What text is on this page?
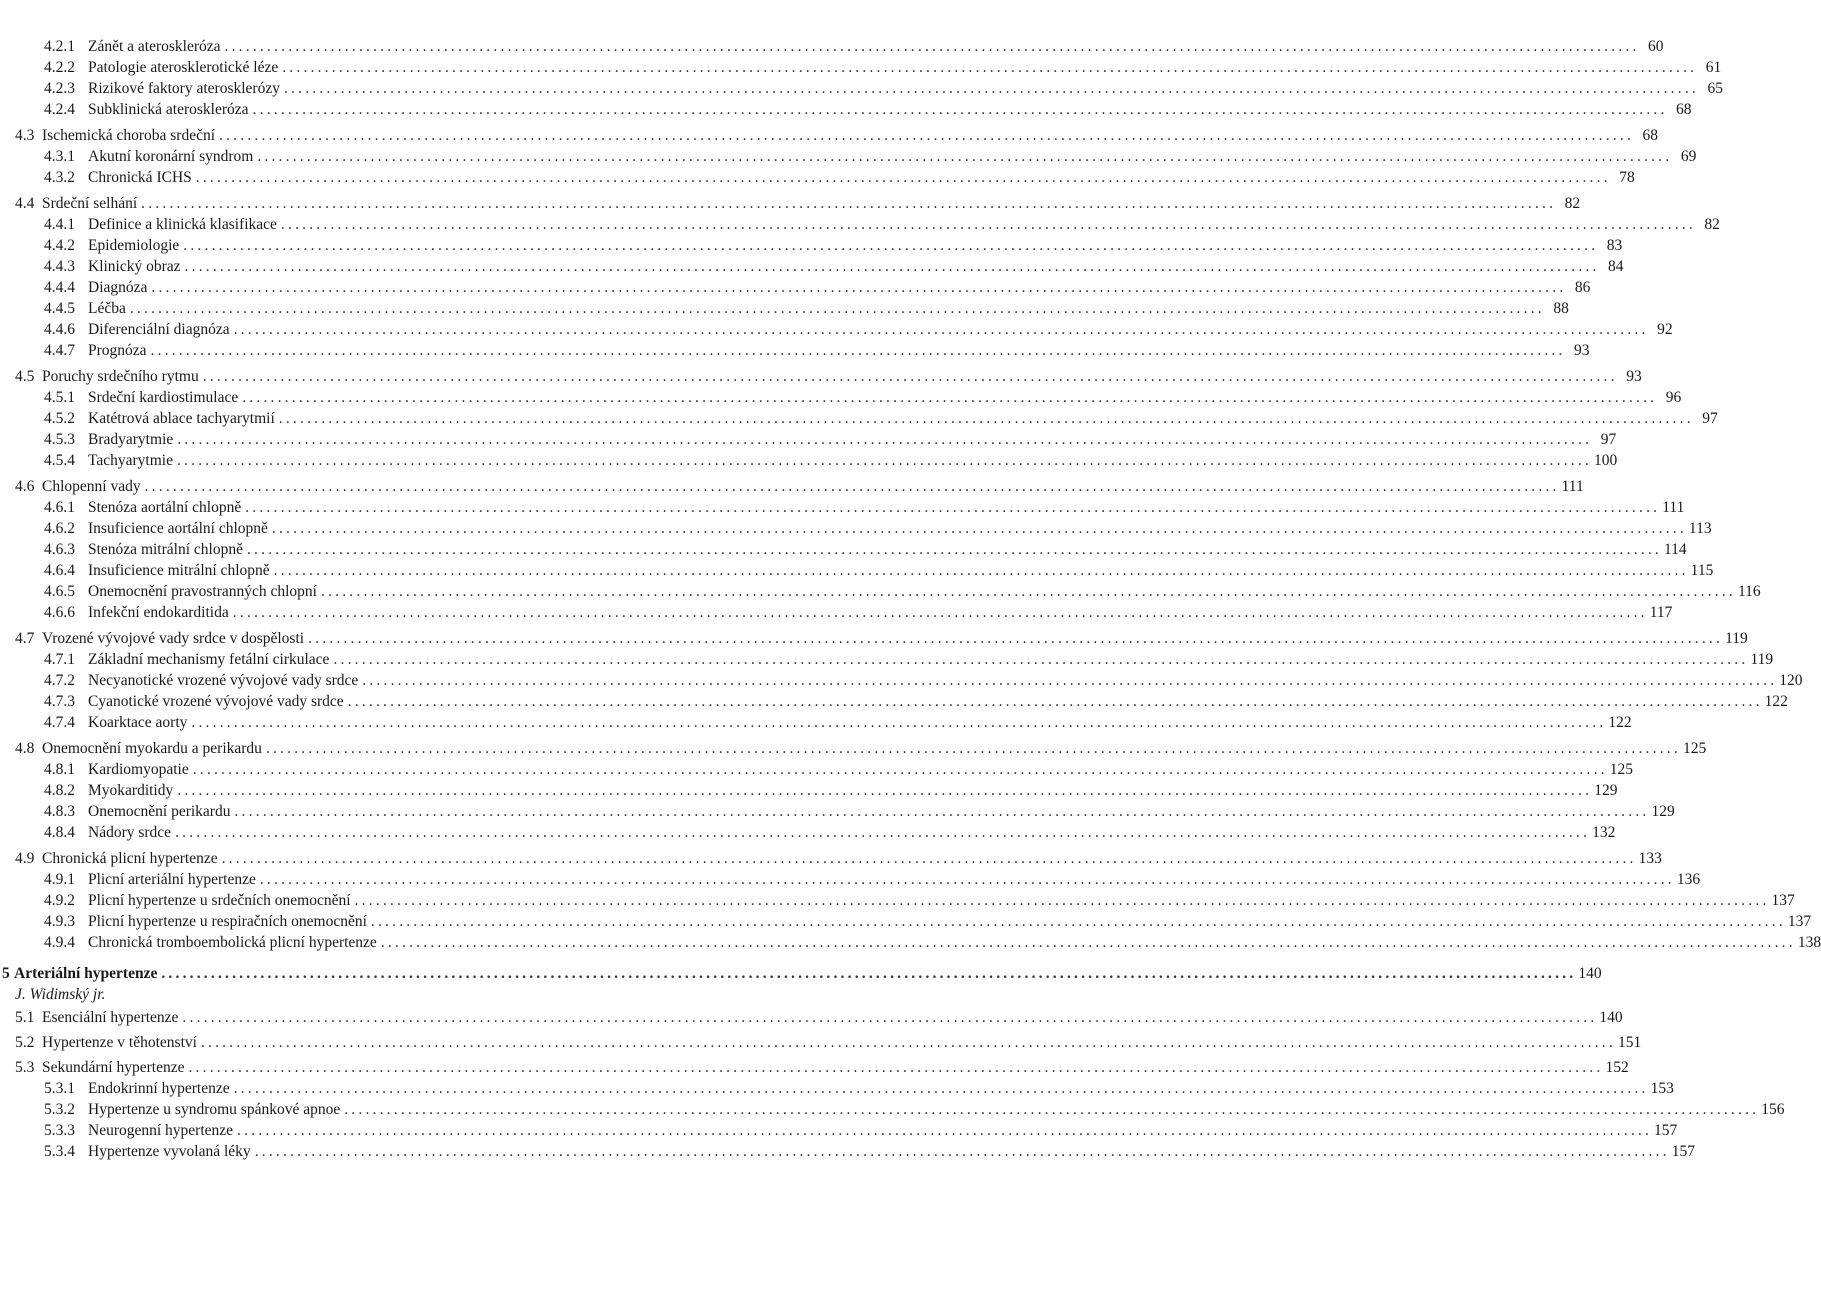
4.2.1 Zánět a ateroskleróza ........................................................................................................................................................................................................ 60
4.2.2 Patologie aterosklerotické léze ........................................................................................................................................................................................................ 61
4.2.3 Rizikové faktory aterosklerózy ........................................................................................................................................................................................................ 65
4.2.4 Subklinická ateroskleróza ........................................................................................................................................................................................................ 68
4.3 Ischemická choroba srdeční ........................................................................................................................................................................................................ 68
4.3.1 Akutní koronární syndrom ........................................................................................................................................................................................................ 69
4.3.2 Chronická ICHS ........................................................................................................................................................................................................ 78
4.4 Srdeční selhání ........................................................................................................................................................................................................ 82
4.4.1 Definice a klinická klasifikace ........................................................................................................................................................................................................ 82
4.4.2 Epidemiologie ........................................................................................................................................................................................................ 83
4.4.3 Klinický obraz ........................................................................................................................................................................................................ 84
4.4.4 Diagnóza ........................................................................................................................................................................................................ 86
4.4.5 Léčba ........................................................................................................................................................................................................ 88
4.4.6 Diferenciální diagnóza ........................................................................................................................................................................................................ 92
4.4.7 Prognóza ........................................................................................................................................................................................................ 93
4.5 Poruchy srdečního rytmu ........................................................................................................................................................................................................ 93
4.5.1 Srdeční kardiostimulace ........................................................................................................................................................................................................ 96
4.5.2 Katétrová ablace tachyarytmií ........................................................................................................................................................................................................ 97
4.5.3 Bradyarytmie ........................................................................................................................................................................................................ 97
4.5.4 Tachyarytmie ........................................................................................................................................................................................................ 100
4.6 Chlopenní vady ........................................................................................................................................................................................................ 111
4.6.1 Stenóza aortální chlopně ........................................................................................................................................................................................................ 111
4.6.2 Insuficience aortální chlopně ........................................................................................................................................................................................................ 113
4.6.3 Stenóza mitrální chlopně ........................................................................................................................................................................................................ 114
4.6.4 Insuficience mitrální chlopně ........................................................................................................................................................................................................ 115
4.6.5 Onemocnění pravostranných chlopní ........................................................................................................................................................................................................ 116
4.6.6 Infekční endokarditida ........................................................................................................................................................................................................ 117
4.7 Vrozené vývojové vady srdce v dospělosti ........................................................................................................................................................................................................ 119
4.7.1 Základní mechanismy fetální cirkulace ........................................................................................................................................................................................................ 119
4.7.2 Necyanotické vrozené vývojové vady srdce ........................................................................................................................................................................................................ 120
4.7.3 Cyanotické vrozené vývojové vady srdce ........................................................................................................................................................................................................ 122
4.7.4 Koarktace aorty ........................................................................................................................................................................................................ 122
4.8 Onemocnění myokardu a perikardu ........................................................................................................................................................................................................ 125
4.8.1 Kardiomyopatie ........................................................................................................................................................................................................ 125
4.8.2 Myokarditidy ........................................................................................................................................................................................................ 129
4.8.3 Onemocnění perikardu ........................................................................................................................................................................................................ 129
4.8.4 Nádory srdce ........................................................................................................................................................................................................ 132
4.9 Chronická plicní hypertenze ........................................................................................................................................................................................................ 133
4.9.1 Plicní arteriální hypertenze ........................................................................................................................................................................................................ 136
4.9.2 Plicní hypertenze u srdečních onemocnění ........................................................................................................................................................................................................ 137
4.9.3 Plicní hypertenze u respiračních onemocnění ........................................................................................................................................................................................................ 137
4.9.4 Chronická tromboembolická plicní hypertenze ........................................................................................................................................................................................................ 138
5 Arteriální hypertenze ........................................................................................................................................................................................................ 140
J. Widimský jr.
5.1 Esenciální hypertenze ........................................................................................................................................................................................................ 140
5.2 Hypertenze v těhotenství ........................................................................................................................................................................................................ 151
5.3 Sekundární hypertenze ........................................................................................................................................................................................................ 152
5.3.1 Endokrinní hypertenze ........................................................................................................................................................................................................ 153
5.3.2 Hypertenze u syndromu spánkové apnoe ........................................................................................................................................................................................................ 156
5.3.3 Neurogenní hypertenze ........................................................................................................................................................................................................ 157
5.3.4 Hypertenze vyvolaná léky ........................................................................................................................................................................................................ 157
